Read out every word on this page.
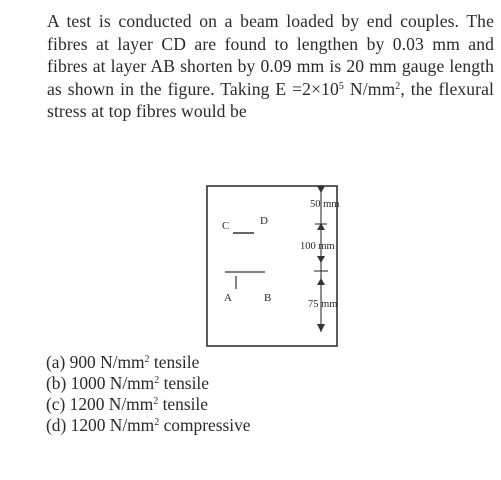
A test is conducted on a beam loaded by end couples. The fibres at layer CD are found to lengthen by 0.03 mm and fibres at layer AB shorten by 0.09 mm is 20 mm gauge length as shown in the figure. Taking $E =2\times 10^5$ $N/mm^2$, the flexural stress at top fibres would be
C	D
A	B
50 mm
100 mm
75 mm
(a) 900 $N/mm^2$ tensile
(b) 1000 $N/mm^2$ tensile
(c) 1200 $N/mm^2$ tensile
(d) 1200 $N/mm^2$ compressive
